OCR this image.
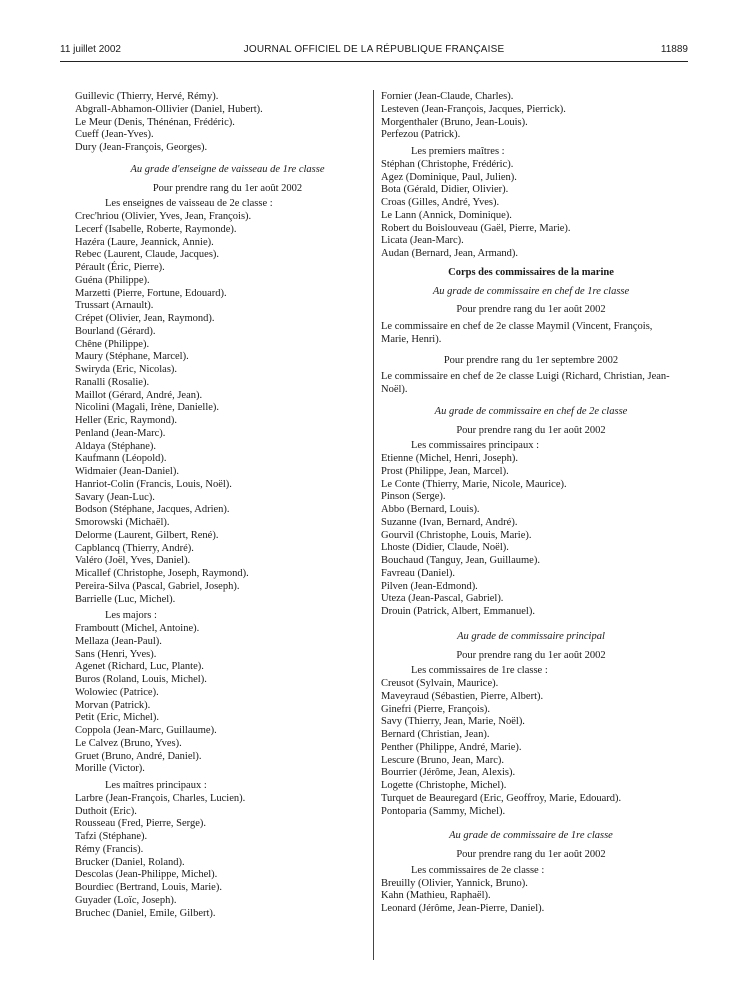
11 juillet 2002	JOURNAL OFFICIEL DE LA RÉPUBLIQUE FRANÇAISE	11889
Guillevic (Thierry, Hervé, Rémy).
Abgrall-Abhamon-Ollivier (Daniel, Hubert).
Le Meur (Denis, Thénénan, Frédéric).
Cueff (Jean-Yves).
Dury (Jean-François, Georges).
Au grade d'enseigne de vaisseau de 1re classe
Pour prendre rang du 1er août 2002
Les enseignes de vaisseau de 2e classe :
Crec'hriou (Olivier, Yves, Jean, François).
Lecerf (Isabelle, Roberte, Raymonde).
Hazéra (Laure, Jeannick, Annie).
Rebec (Laurent, Claude, Jacques).
Pérault (Éric, Pierre).
Guéna (Philippe).
Marzetti (Pierre, Fortune, Edouard).
Trussart (Arnault).
Crépet (Olivier, Jean, Raymond).
Bourland (Gérard).
Chêne (Philippe).
Maury (Stéphane, Marcel).
Swiryda (Eric, Nicolas).
Ranalli (Rosalie).
Maillot (Gérard, André, Jean).
Nicolini (Magali, Irène, Danielle).
Heller (Eric, Raymond).
Penland (Jean-Marc).
Aldaya (Stéphane).
Kaufmann (Léopold).
Widmaier (Jean-Daniel).
Hanriot-Colin (Francis, Louis, Noël).
Savary (Jean-Luc).
Bodson (Stéphane, Jacques, Adrien).
Smorowski (Michaël).
Delorme (Laurent, Gilbert, René).
Capblancq (Thierry, André).
Valéro (Joël, Yves, Daniel).
Micallef (Christophe, Joseph, Raymond).
Pereira-Silva (Pascal, Gabriel, Joseph).
Barrielle (Luc, Michel).
Les majors :
Framboutt (Michel, Antoine).
Mellaza (Jean-Paul).
Sans (Henri, Yves).
Agenet (Richard, Luc, Plante).
Buros (Roland, Louis, Michel).
Wolowiec (Patrice).
Morvan (Patrick).
Petit (Eric, Michel).
Coppola (Jean-Marc, Guillaume).
Le Calvez (Bruno, Yves).
Gruet (Bruno, André, Daniel).
Morille (Victor).
Les maîtres principaux :
Larbre (Jean-François, Charles, Lucien).
Duthoit (Eric).
Rousseau (Fred, Pierre, Serge).
Tafzi (Stéphane).
Rémy (Francis).
Brucker (Daniel, Roland).
Descolas (Jean-Philippe, Michel).
Bourdiec (Bertrand, Louis, Marie).
Guyader (Loïc, Joseph).
Bruchec (Daniel, Emile, Gilbert).
Fornier (Jean-Claude, Charles).
Lesteven (Jean-François, Jacques, Pierrick).
Morgenthaler (Bruno, Jean-Louis).
Perfezou (Patrick).
Les premiers maîtres :
Stéphan (Christophe, Frédéric).
Agez (Dominique, Paul, Julien).
Bota (Gérald, Didier, Olivier).
Croas (Gilles, André, Yves).
Le Lann (Annick, Dominique).
Robert du Boislouveau (Gaël, Pierre, Marie).
Licata (Jean-Marc).
Audan (Bernard, Jean, Armand).
Corps des commissaires de la marine
Au grade de commissaire en chef de 1re classe
Pour prendre rang du 1er août 2002
Le commissaire en chef de 2e classe Maymil (Vincent, François, Marie, Henri).
Pour prendre rang du 1er septembre 2002
Le commissaire en chef de 2e classe Luigi (Richard, Christian, Jean-Noël).
Au grade de commissaire en chef de 2e classe
Pour prendre rang du 1er août 2002
Les commissaires principaux :
Etienne (Michel, Henri, Joseph).
Prost (Philippe, Jean, Marcel).
Le Conte (Thierry, Marie, Nicole, Maurice).
Pinson (Serge).
Abbo (Bernard, Louis).
Suzanne (Ivan, Bernard, André).
Gourvil (Christophe, Louis, Marie).
Lhoste (Didier, Claude, Noël).
Bouchaud (Tanguy, Jean, Guillaume).
Favreau (Daniel).
Pilven (Jean-Edmond).
Uteza (Jean-Pascal, Gabriel).
Drouin (Patrick, Albert, Emmanuel).
Au grade de commissaire principal
Pour prendre rang du 1er août 2002
Les commissaires de 1re classe :
Creusot (Sylvain, Maurice).
Maveyraud (Sébastien, Pierre, Albert).
Ginefri (Pierre, François).
Savy (Thierry, Jean, Marie, Noël).
Bernard (Christian, Jean).
Penther (Philippe, André, Marie).
Lescure (Bruno, Jean, Marc).
Bourrier (Jérôme, Jean, Alexis).
Logette (Christophe, Michel).
Turquet de Beauregard (Eric, Geoffroy, Marie, Edouard).
Pontoparia (Sammy, Michel).
Au grade de commissaire de 1re classe
Pour prendre rang du 1er août 2002
Les commissaires de 2e classe :
Breuilly (Olivier, Yannick, Bruno).
Kahn (Mathieu, Raphaël).
Leonard (Jérôme, Jean-Pierre, Daniel).
